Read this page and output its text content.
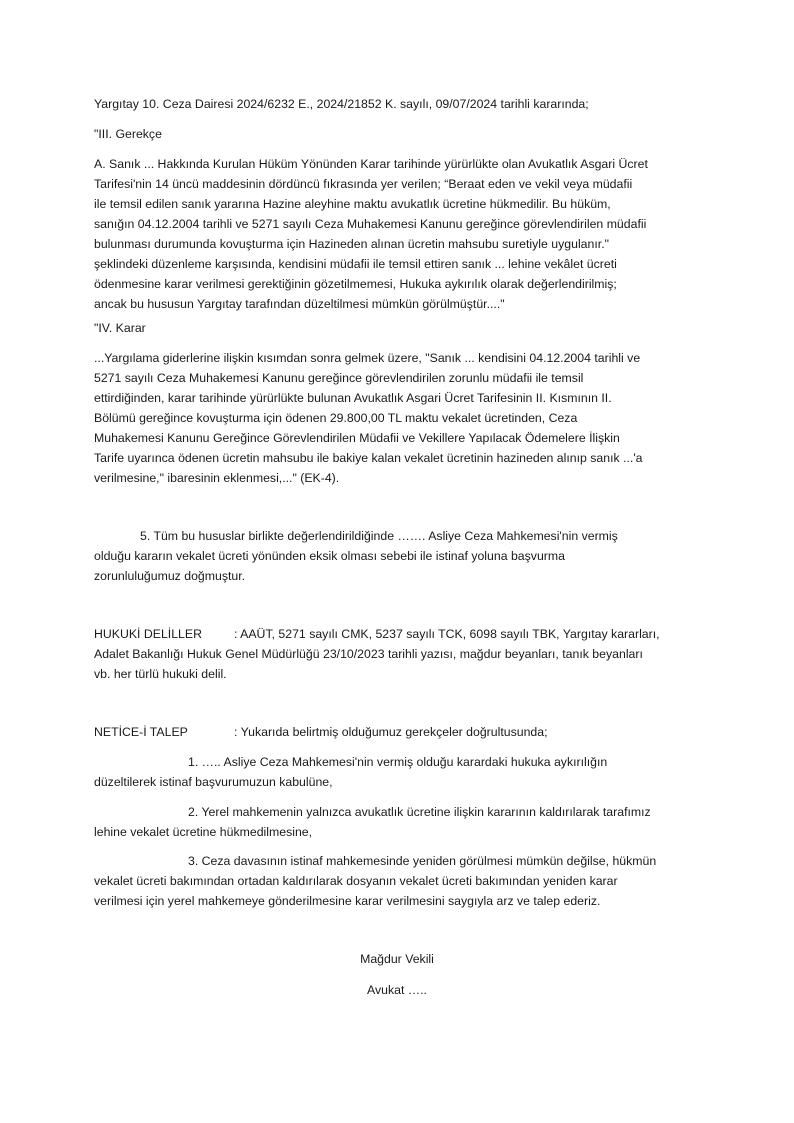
Yargıtay 10. Ceza Dairesi 2024/6232 E., 2024/21852 K. sayılı, 09/07/2024 tarihli kararında;
"III. Gerekçe
A. Sanık ... Hakkında Kurulan Hüküm Yönünden Karar tarihinde yürürlükte olan Avukatlık Asgari Ücret
Tarifesi'nin 14 üncü maddesinin dördüncü fıkrasında yer verilen; “Beraat eden ve vekil veya müdafii
ile temsil edilen sanık yararına Hazine aleyhine maktu avukatlık ücretine hükmedilir. Bu hüküm,
sanığın 04.12.2004 tarihli ve 5271 sayılı Ceza Muhakemesi Kanunu gereğince görevlendirilen müdafii
bulunması durumunda kovuşturma için Hazineden alınan ücretin mahsubu suretiyle uygulanır."
şeklindeki düzenleme karşısında, kendisini müdafii ile temsil ettiren sanık ... lehine vekâlet ücreti
ödenmesine karar verilmesi gerektiğinin gözetilmemesi, Hukuka aykırılık olarak değerlendirilmiş;
ancak bu hususun Yargıtay tarafından düzeltilmesi mümkün görülmüştür...."
"IV. Karar
...Yargılama giderlerine ilişkin kısımdan sonra gelmek üzere, "Sanık ... kendisini 04.12.2004 tarihli ve
5271 sayılı Ceza Muhakemesi Kanunu gereğince görevlendirilen zorunlu müdafii ile temsil
ettirdiğinden, karar tarihinde yürürlükte bulunan Avukatlık Asgari Ücret Tarifesinin II. Kısmının II.
Bölümü gereğince kovuşturma için ödenen 29.800,00 TL maktu vekalet ücretinden, Ceza
Muhakemesi Kanunu Gereğince Görevlendirilen Müdafii ve Vekillere Yapılacak Ödemelere İlişkin
Tarife uyarınca ödenen ücretin mahsubu ile bakiye kalan vekalet ücretinin hazineden alınıp sanık ...'a
verilmesine," ibaresinin eklenmesi,..." (EK-4).
5. Tüm bu hususlar birlikte değerlendirildiğinde ……. Asliye Ceza Mahkemesi'nin vermiş
olduğu kararın vekalet ücreti yönünden eksik olması sebebi ile istinaf yoluna başvurma
zorunluluğumuz doğmuştur.
HUKUKİ DELİLLER	: AAÜT, 5271 sayılı CMK, 5237 sayılı TCK, 6098 sayılı TBK, Yargıtay kararları,
Adalet Bakanlığı Hukuk Genel Müdürlüğü 23/10/2023 tarihli yazısı, mağdur beyanları, tanık beyanları
vb. her türlü hukuki delil.
NETİCE-İ TALEP	: Yukarıda belirtmiş olduğumuz gerekçeler doğrultusunda;
1. ….. Asliye Ceza Mahkemesi'nin vermiş olduğu karardaki hukuka aykırılığın
düzeltilerek istinaf başvurumuzun kabulüne,
2. Yerel mahkemenin yalnızca avukatlık ücretine ilişkin kararının kaldırılarak tarafımız
lehine vekalet ücretine hükmedilmesine,
3. Ceza davasının istinaf mahkemesinde yeniden görülmesi mümkün değilse, hükmün
vekalet ücreti bakımından ortadan kaldırılarak dosyanın vekalet ücreti bakımından yeniden karar
verilmesi için yerel mahkemeye gönderilmesine karar verilmesini saygıyla arz ve talep ederiz.
Mağdur Vekili
Avukat …..
